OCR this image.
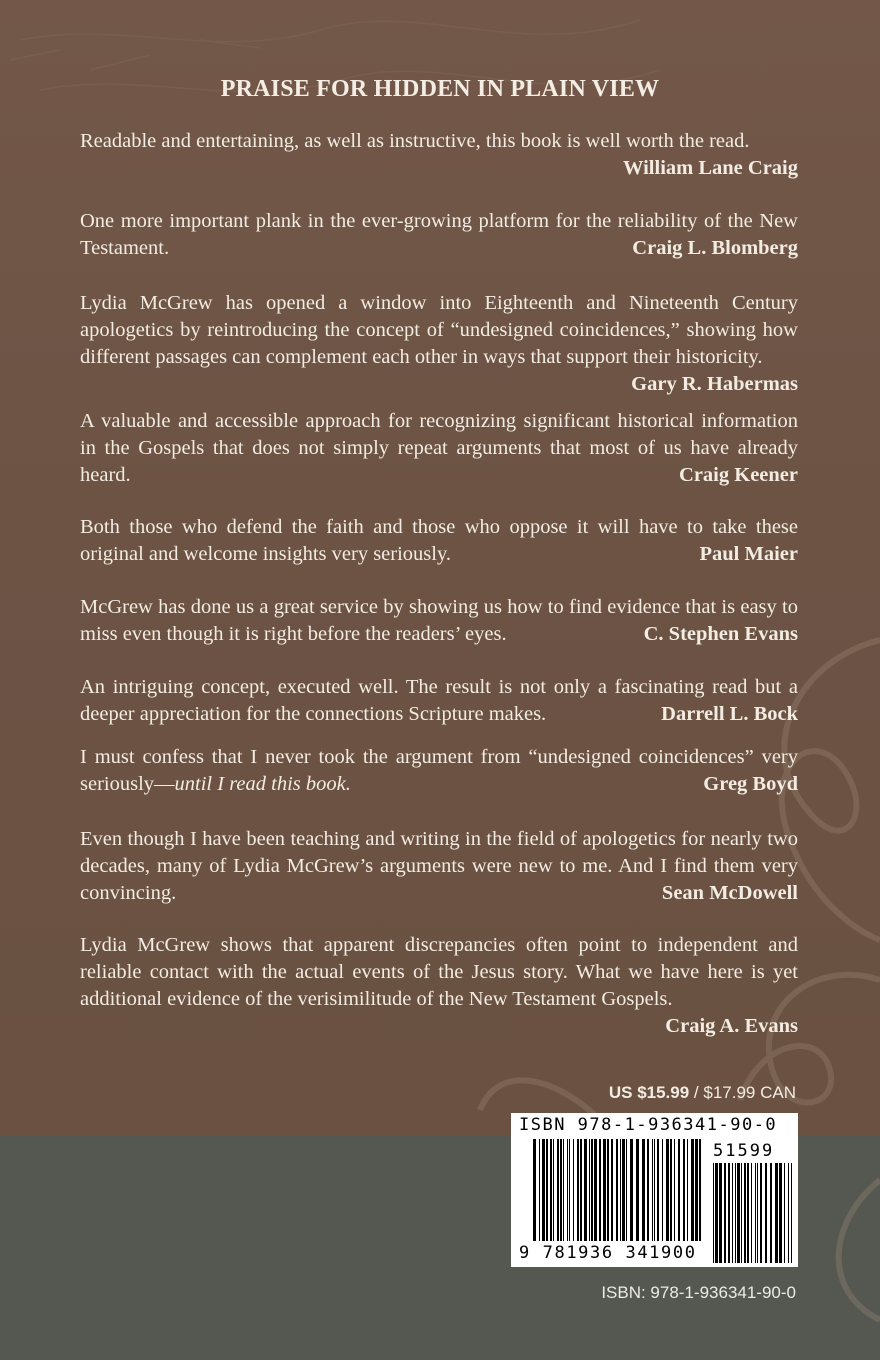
PRAISE FOR HIDDEN IN PLAIN VIEW
Readable and entertaining, as well as instructive, this book is well worth the read.
William Lane Craig
One more important plank in the ever-growing platform for the reliability of the New Testament.	Craig L. Blomberg
Lydia McGrew has opened a window into Eighteenth and Nineteenth Century apologetics by reintroducing the concept of “undesigned coincidences,” showing how different passages can complement each other in ways that support their historicity.
Gary R. Habermas
A valuable and accessible approach for recognizing significant historical information in the Gospels that does not simply repeat arguments that most of us have already heard.	Craig Keener
Both those who defend the faith and those who oppose it will have to take these original and welcome insights very seriously.	Paul Maier
McGrew has done us a great service by showing us how to find evidence that is easy to miss even though it is right before the readers’ eyes.	C. Stephen Evans
An intriguing concept, executed well. The result is not only a fascinating read but a deeper appreciation for the connections Scripture makes.	Darrell L. Bock
I must confess that I never took the argument from “undesigned coincidences” very seriously—until I read this book.	Greg Boyd
Even though I have been teaching and writing in the field of apologetics for nearly two decades, many of Lydia McGrew’s arguments were new to me. And I find them very convincing.	Sean McDowell
Lydia McGrew shows that apparent discrepancies often point to independent and reliable contact with the actual events of the Jesus story. What we have here is yet additional evidence of the verisimilitude of the New Testament Gospels.
Craig A. Evans
US $15.99 / $17.99 CAN
ISBN 978-1-936341-90-0
51599
9 781936 341900
ISBN: 978-1-936341-90-0
